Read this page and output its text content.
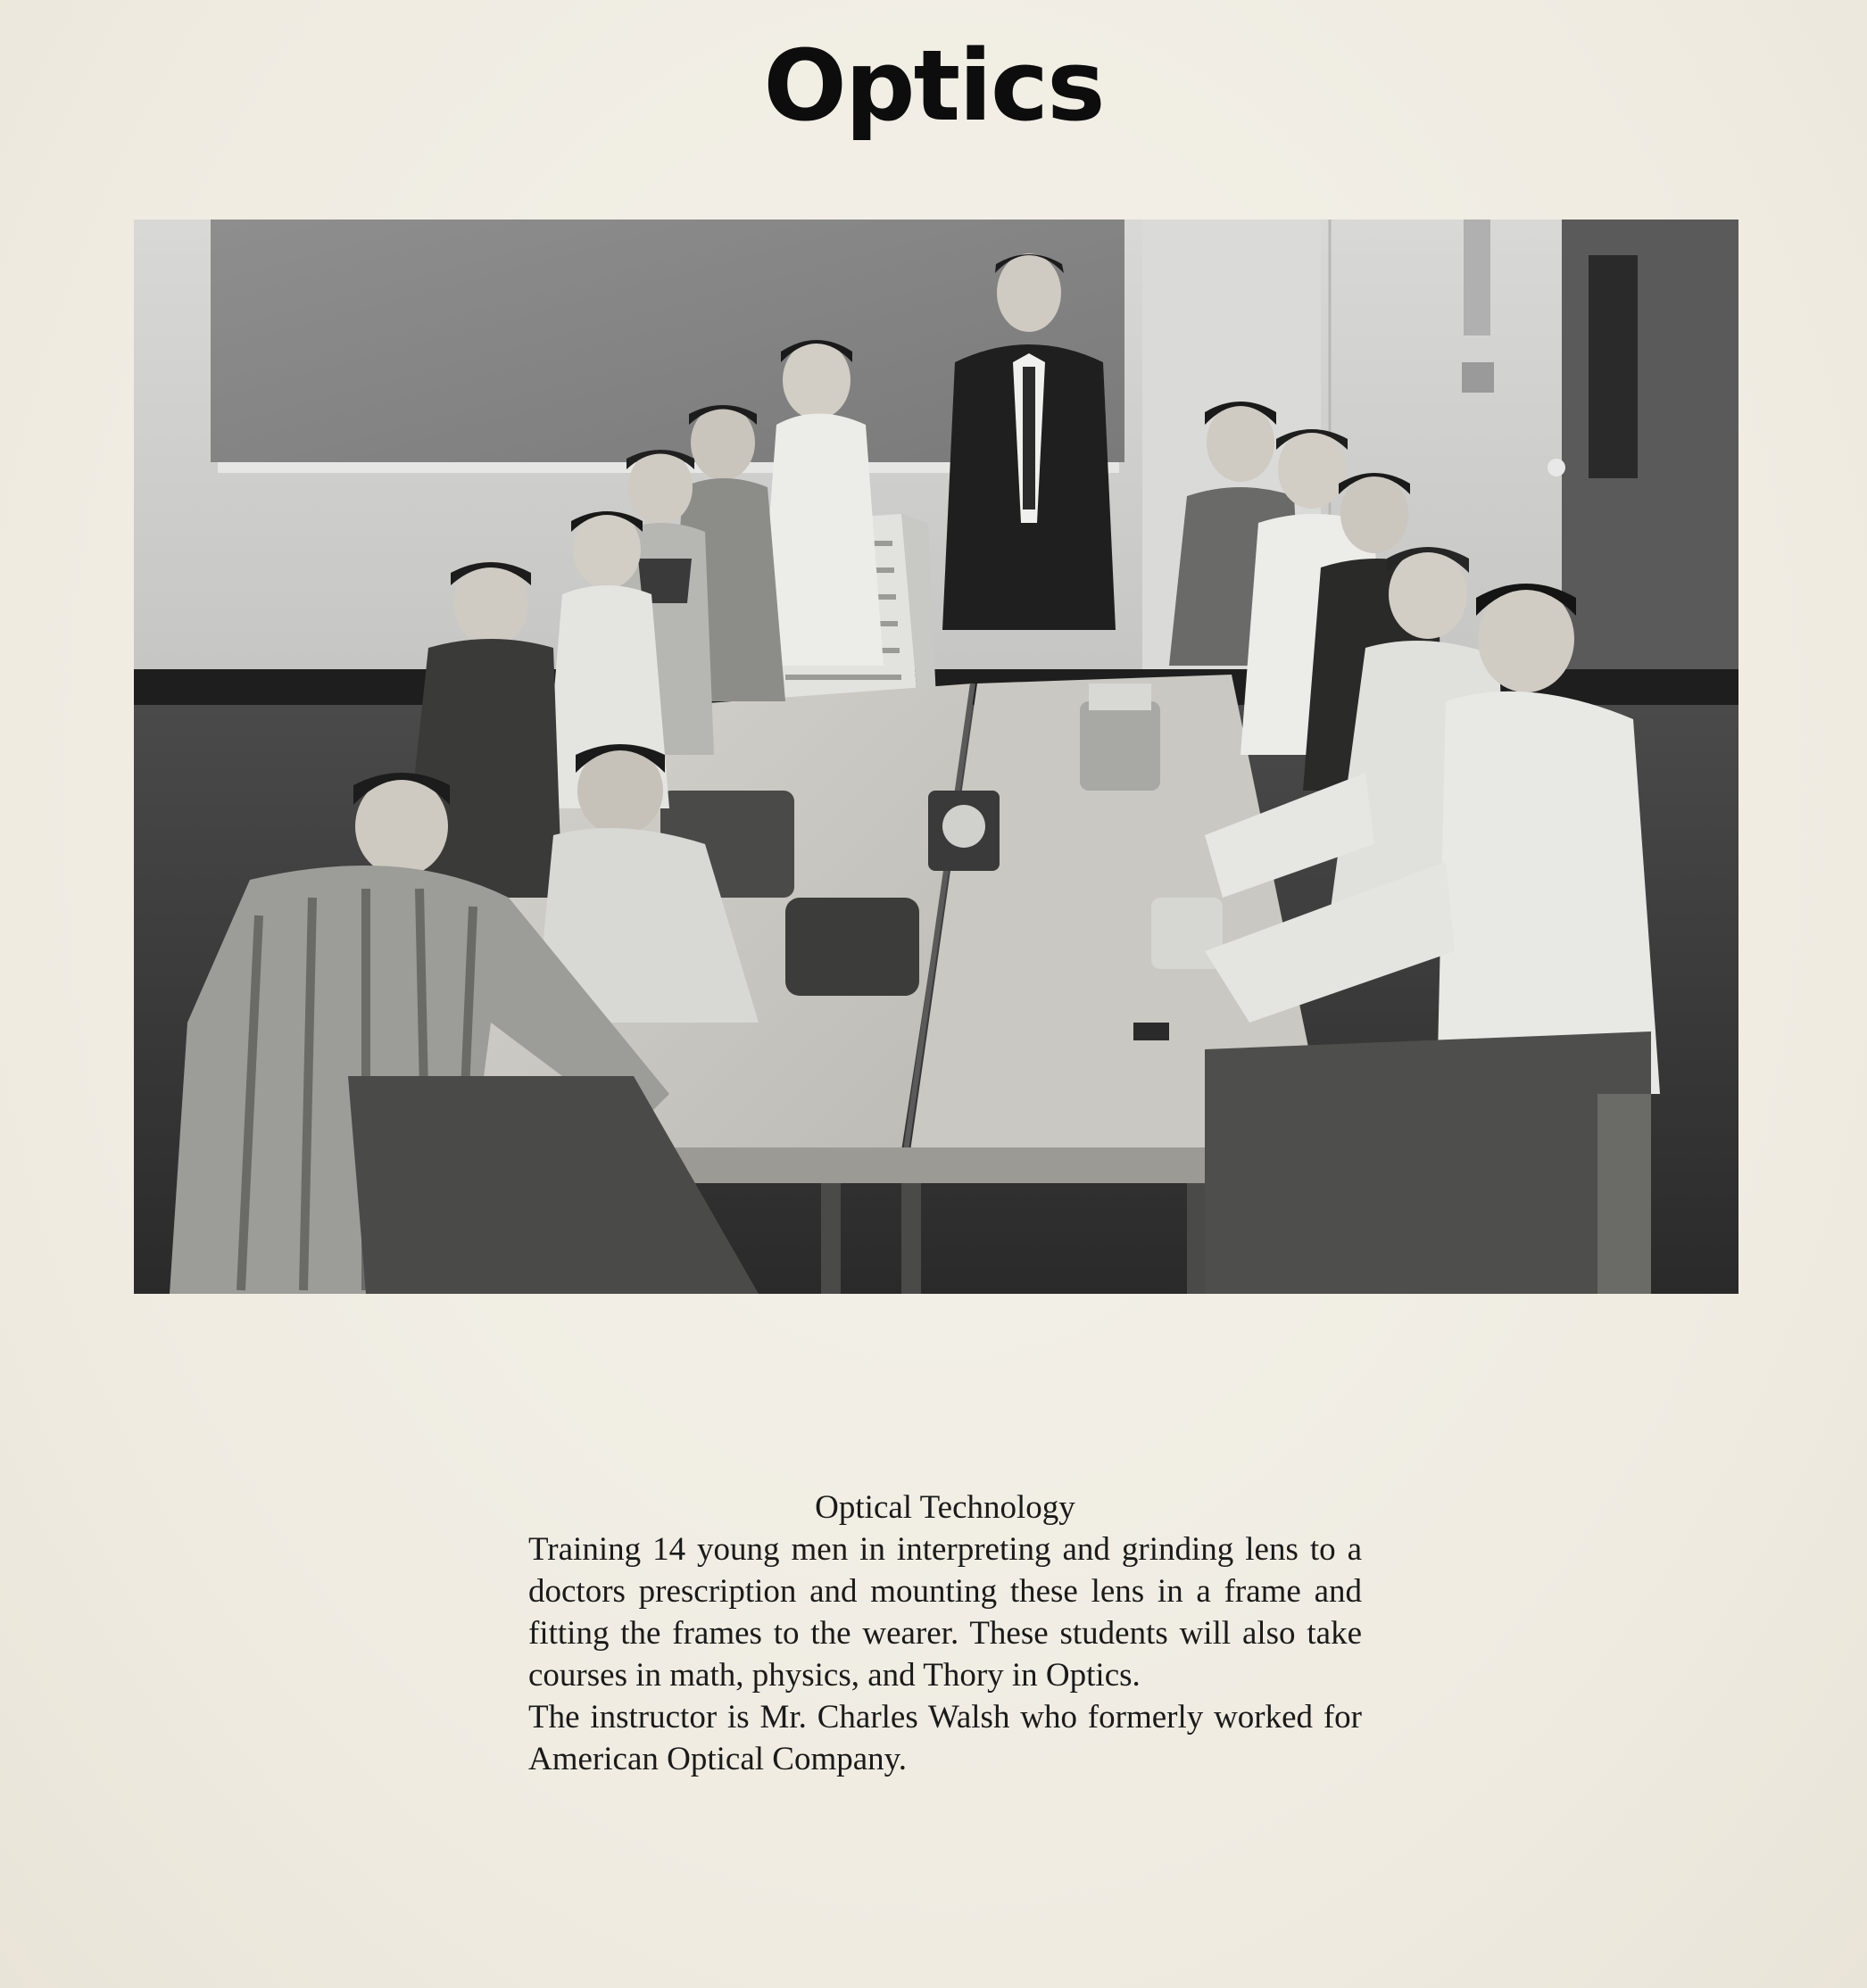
Optics
Optical Technology

Training 14 young men in interpreting and grinding lens to a doctors prescription and mounting these lens in a frame and fitting the frames to the wearer. These students will also take courses in math, physics, and Thory in Optics.

The instructor is Mr. Charles Walsh who formerly worked for American Optical Company.
